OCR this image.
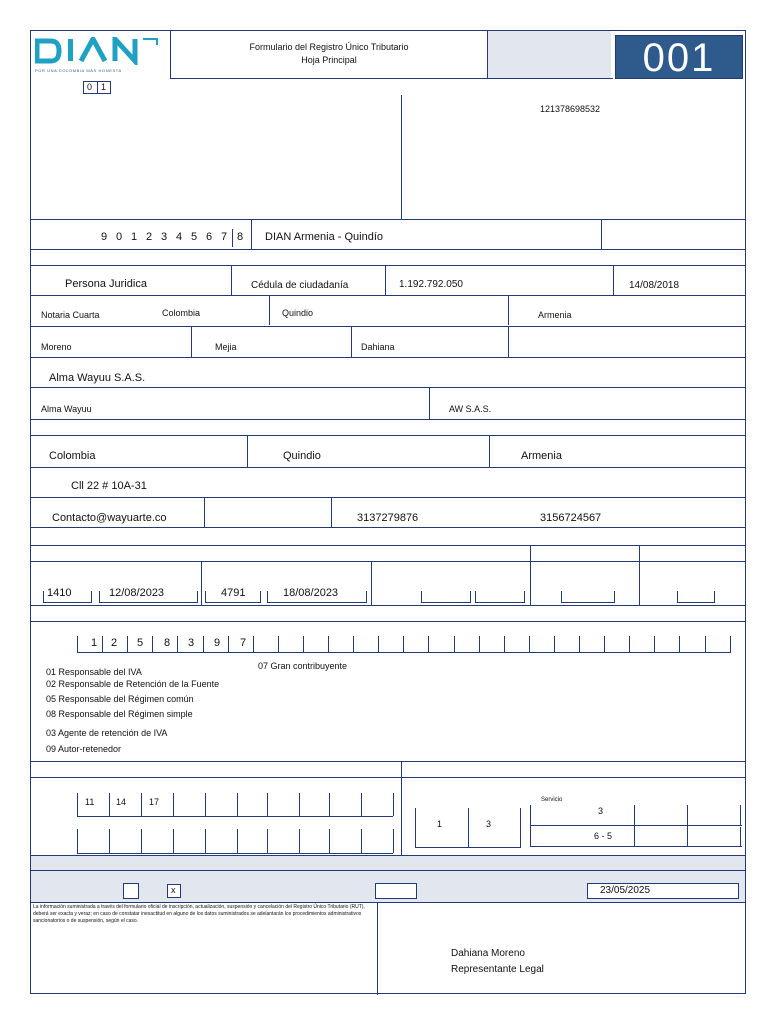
POR UNA COLOMBIA MÁS HONESTA
Formulario del Registro Único Tributario
Hoja Principal	001
0 1
121378698532
9 0 1 2 3 4 5 6 7 8 DIAN Armenia - Quindío
Persona Juridica	Cédula de ciudadanía	1.192.792.050	14/08/2018
Notaria Cuarta	Colombia	Quindio	Armenia
Moreno	Mejia	Dahiana
Alma Wayuu S.A.S.
Alma Wayuu	AW S.A.S.
Colombia	Quindio	Armenia
Cll 22 # 10A-31
Contacto@wayuarte.co	3137279876	3156724567
1410	12/08/2023	4791	18/08/2023
1 2 5 8 3 9 7
01 Responsable del IVA
02 Responsable de Retención de la Fuente
05 Responsable del Régimen común
08 Responsable del Régimen simple
03 Agente de retención de IVA
09 Autor-retenedor
07 Gran contribuyente
11 14	17
1	3
Servicio
3
6 - 5
x	23/05/2025
La información suministrada a través del formulario oficial de inscripción, actualización, suspensión y cancelación del Registro Único Tributario (RUT), deberá ser exacta y veraz; en caso de constatar inexactitud en alguno de los datos suministrados se adelantarán los procedimientos administrativos sancionatorios o de suspensión, según el caso.
Dahiana Moreno
Representante Legal
